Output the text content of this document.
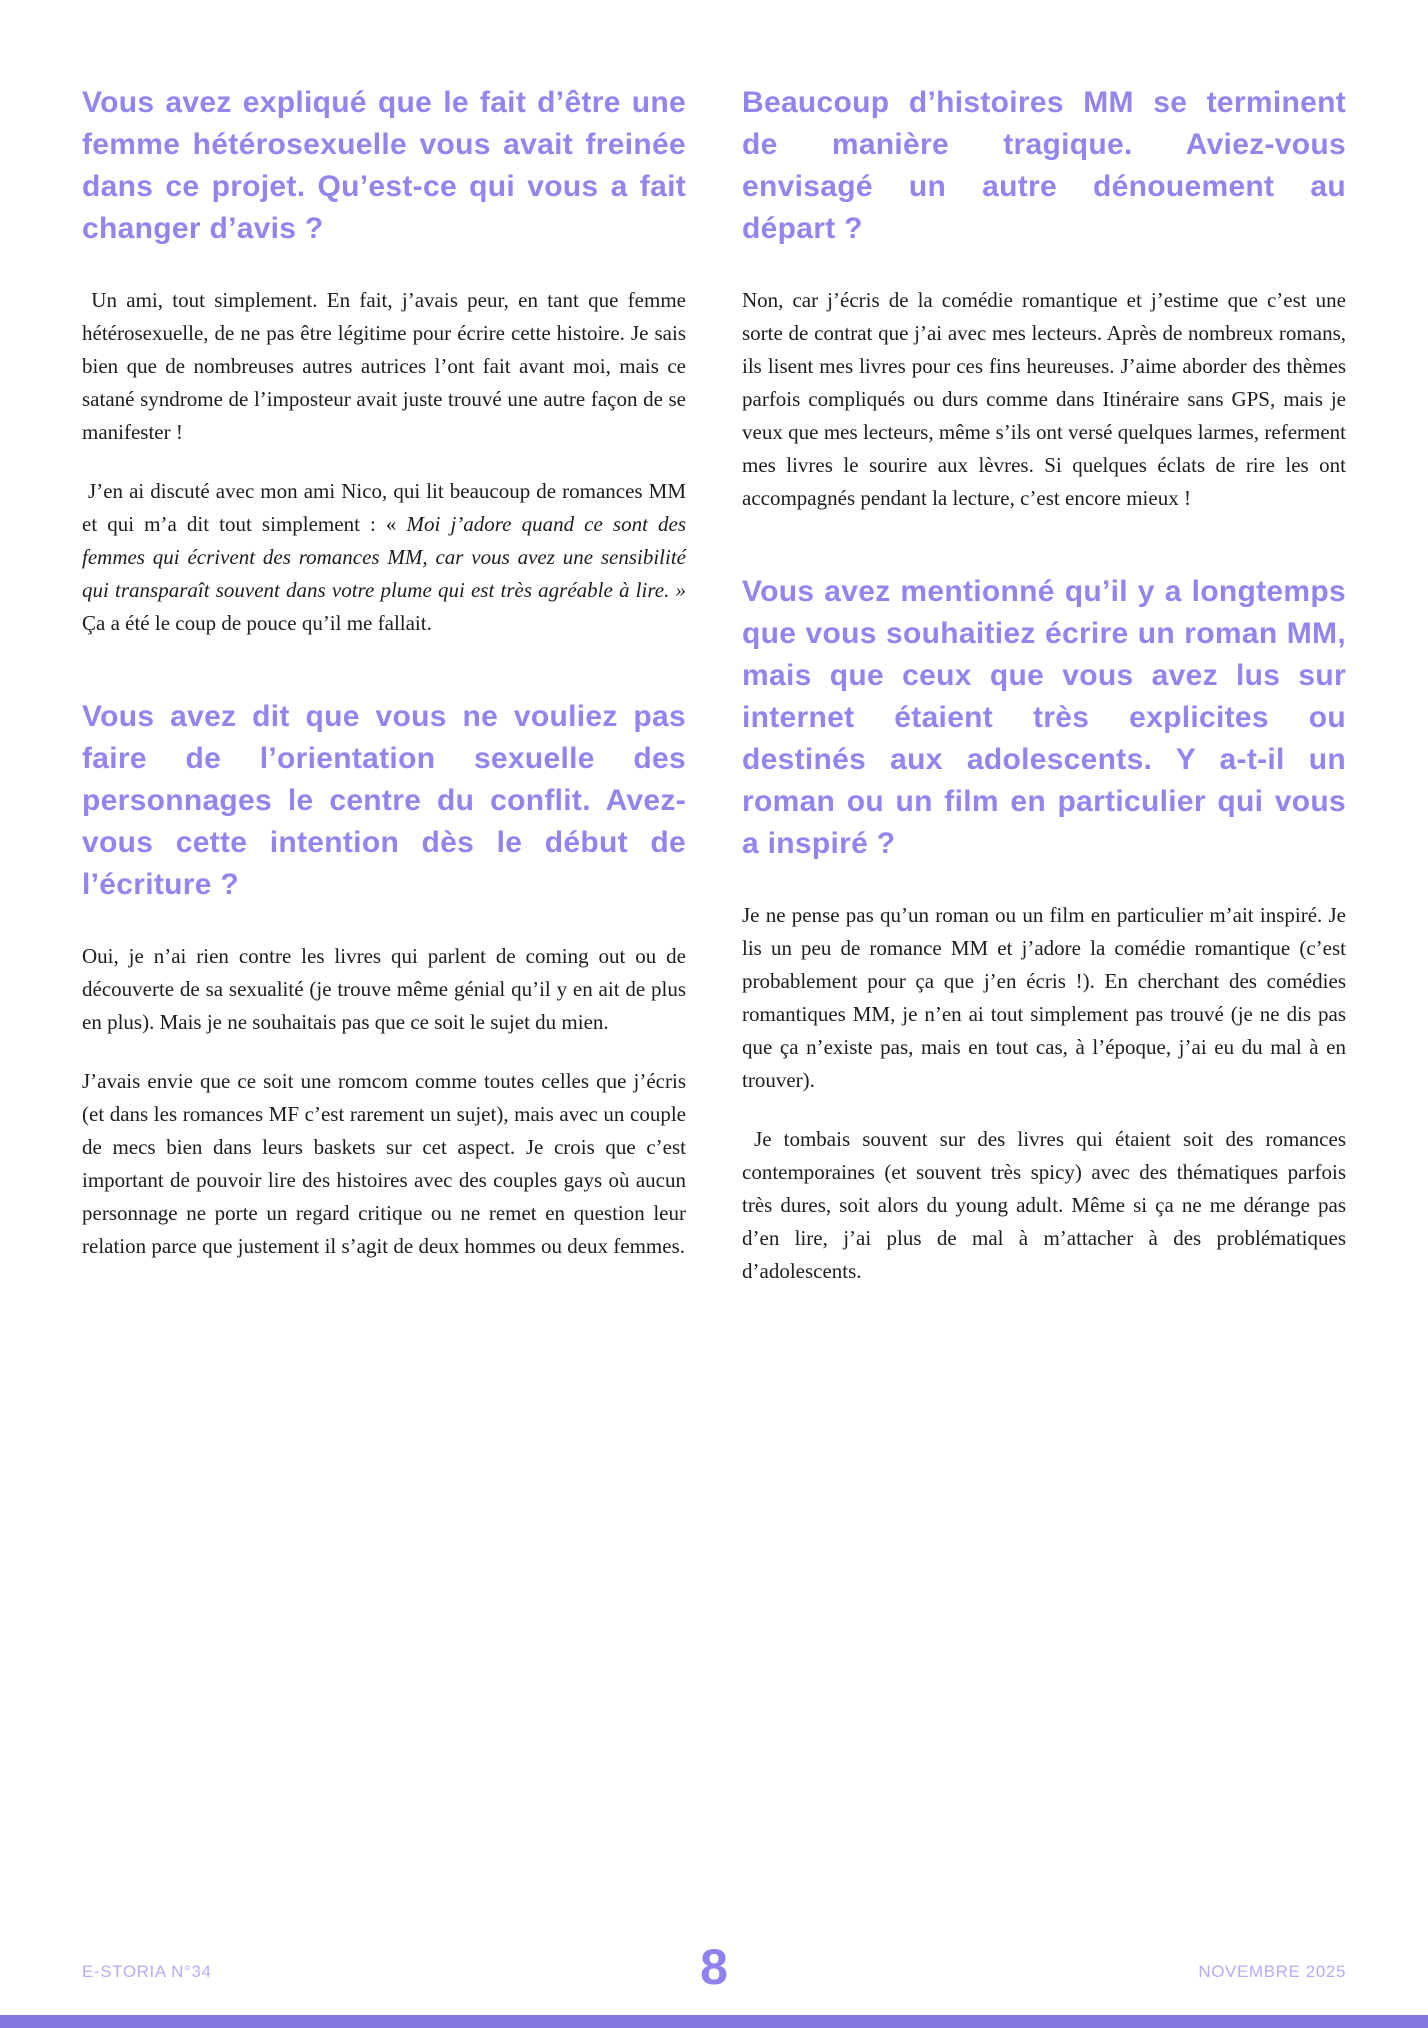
Vous avez expliqué que le fait d’être une femme hétérosexuelle vous avait freinée dans ce projet. Qu’est-ce qui vous a fait changer d’avis ?

Un ami, tout simplement. En fait, j’avais peur, en tant que femme hétérosexuelle, de ne pas être légitime pour écrire cette histoire. Je sais bien que de nombreuses autres autrices l’ont fait avant moi, mais ce satané syndrome de l’imposteur avait juste trouvé une autre façon de se manifester !

J’en ai discuté avec mon ami Nico, qui lit beaucoup de romances MM et qui m’a dit tout simplement : « Moi j’adore quand ce sont des femmes qui écrivent des romances MM, car vous avez une sensibilité qui transparaît souvent dans votre plume qui est très agréable à lire. » Ça a été le coup de pouce qu’il me fallait.

Vous avez dit que vous ne vouliez pas faire de l’orientation sexuelle des personnages le centre du conflit. Avez-vous cette intention dès le début de l’écriture ?

Oui, je n’ai rien contre les livres qui parlent de coming out ou de découverte de sa sexualité (je trouve même génial qu’il y en ait de plus en plus). Mais je ne souhaitais pas que ce soit le sujet du mien.

J’avais envie que ce soit une romcom comme toutes celles que j’écris (et dans les romances MF c’est rarement un sujet), mais avec un couple de mecs bien dans leurs baskets sur cet aspect. Je crois que c’est important de pouvoir lire des histoires avec des couples gays où aucun personnage ne porte un regard critique ou ne remet en question leur relation parce que justement il s’agit de deux hommes ou deux femmes.

Beaucoup d’histoires MM se terminent de manière tragique. Aviez-vous envisagé un autre dénouement au départ ?

Non, car j’écris de la comédie romantique et j’estime que c’est une sorte de contrat que j’ai avec mes lecteurs. Après de nombreux romans, ils lisent mes livres pour ces fins heureuses. J’aime aborder des thèmes parfois compliqués ou durs comme dans Itinéraire sans GPS, mais je veux que mes lecteurs, même s’ils ont versé quelques larmes, referment mes livres le sourire aux lèvres. Si quelques éclats de rire les ont accompagnés pendant la lecture, c’est encore mieux !

Vous avez mentionné qu’il y a longtemps que vous souhaitiez écrire un roman MM, mais que ceux que vous avez lus sur internet étaient très explicites ou destinés aux adolescents. Y a-t-il un roman ou un film en particulier qui vous a inspiré ?

Je ne pense pas qu’un roman ou un film en particulier m’ait inspiré. Je lis un peu de romance MM et j’adore la comédie romantique (c’est probablement pour ça que j’en écris !). En cherchant des comédies romantiques MM, je n’en ai tout simplement pas trouvé (je ne dis pas que ça n’existe pas, mais en tout cas, à l’époque, j’ai eu du mal à en trouver).

Je tombais souvent sur des livres qui étaient soit des romances contemporaines (et souvent très spicy) avec des thématiques parfois très dures, soit alors du young adult. Même si ça ne me dérange pas d’en lire, j’ai plus de mal à m’attacher à des problématiques d’adolescents.

E-STORIA N°34	8	NOVEMBRE 2025
